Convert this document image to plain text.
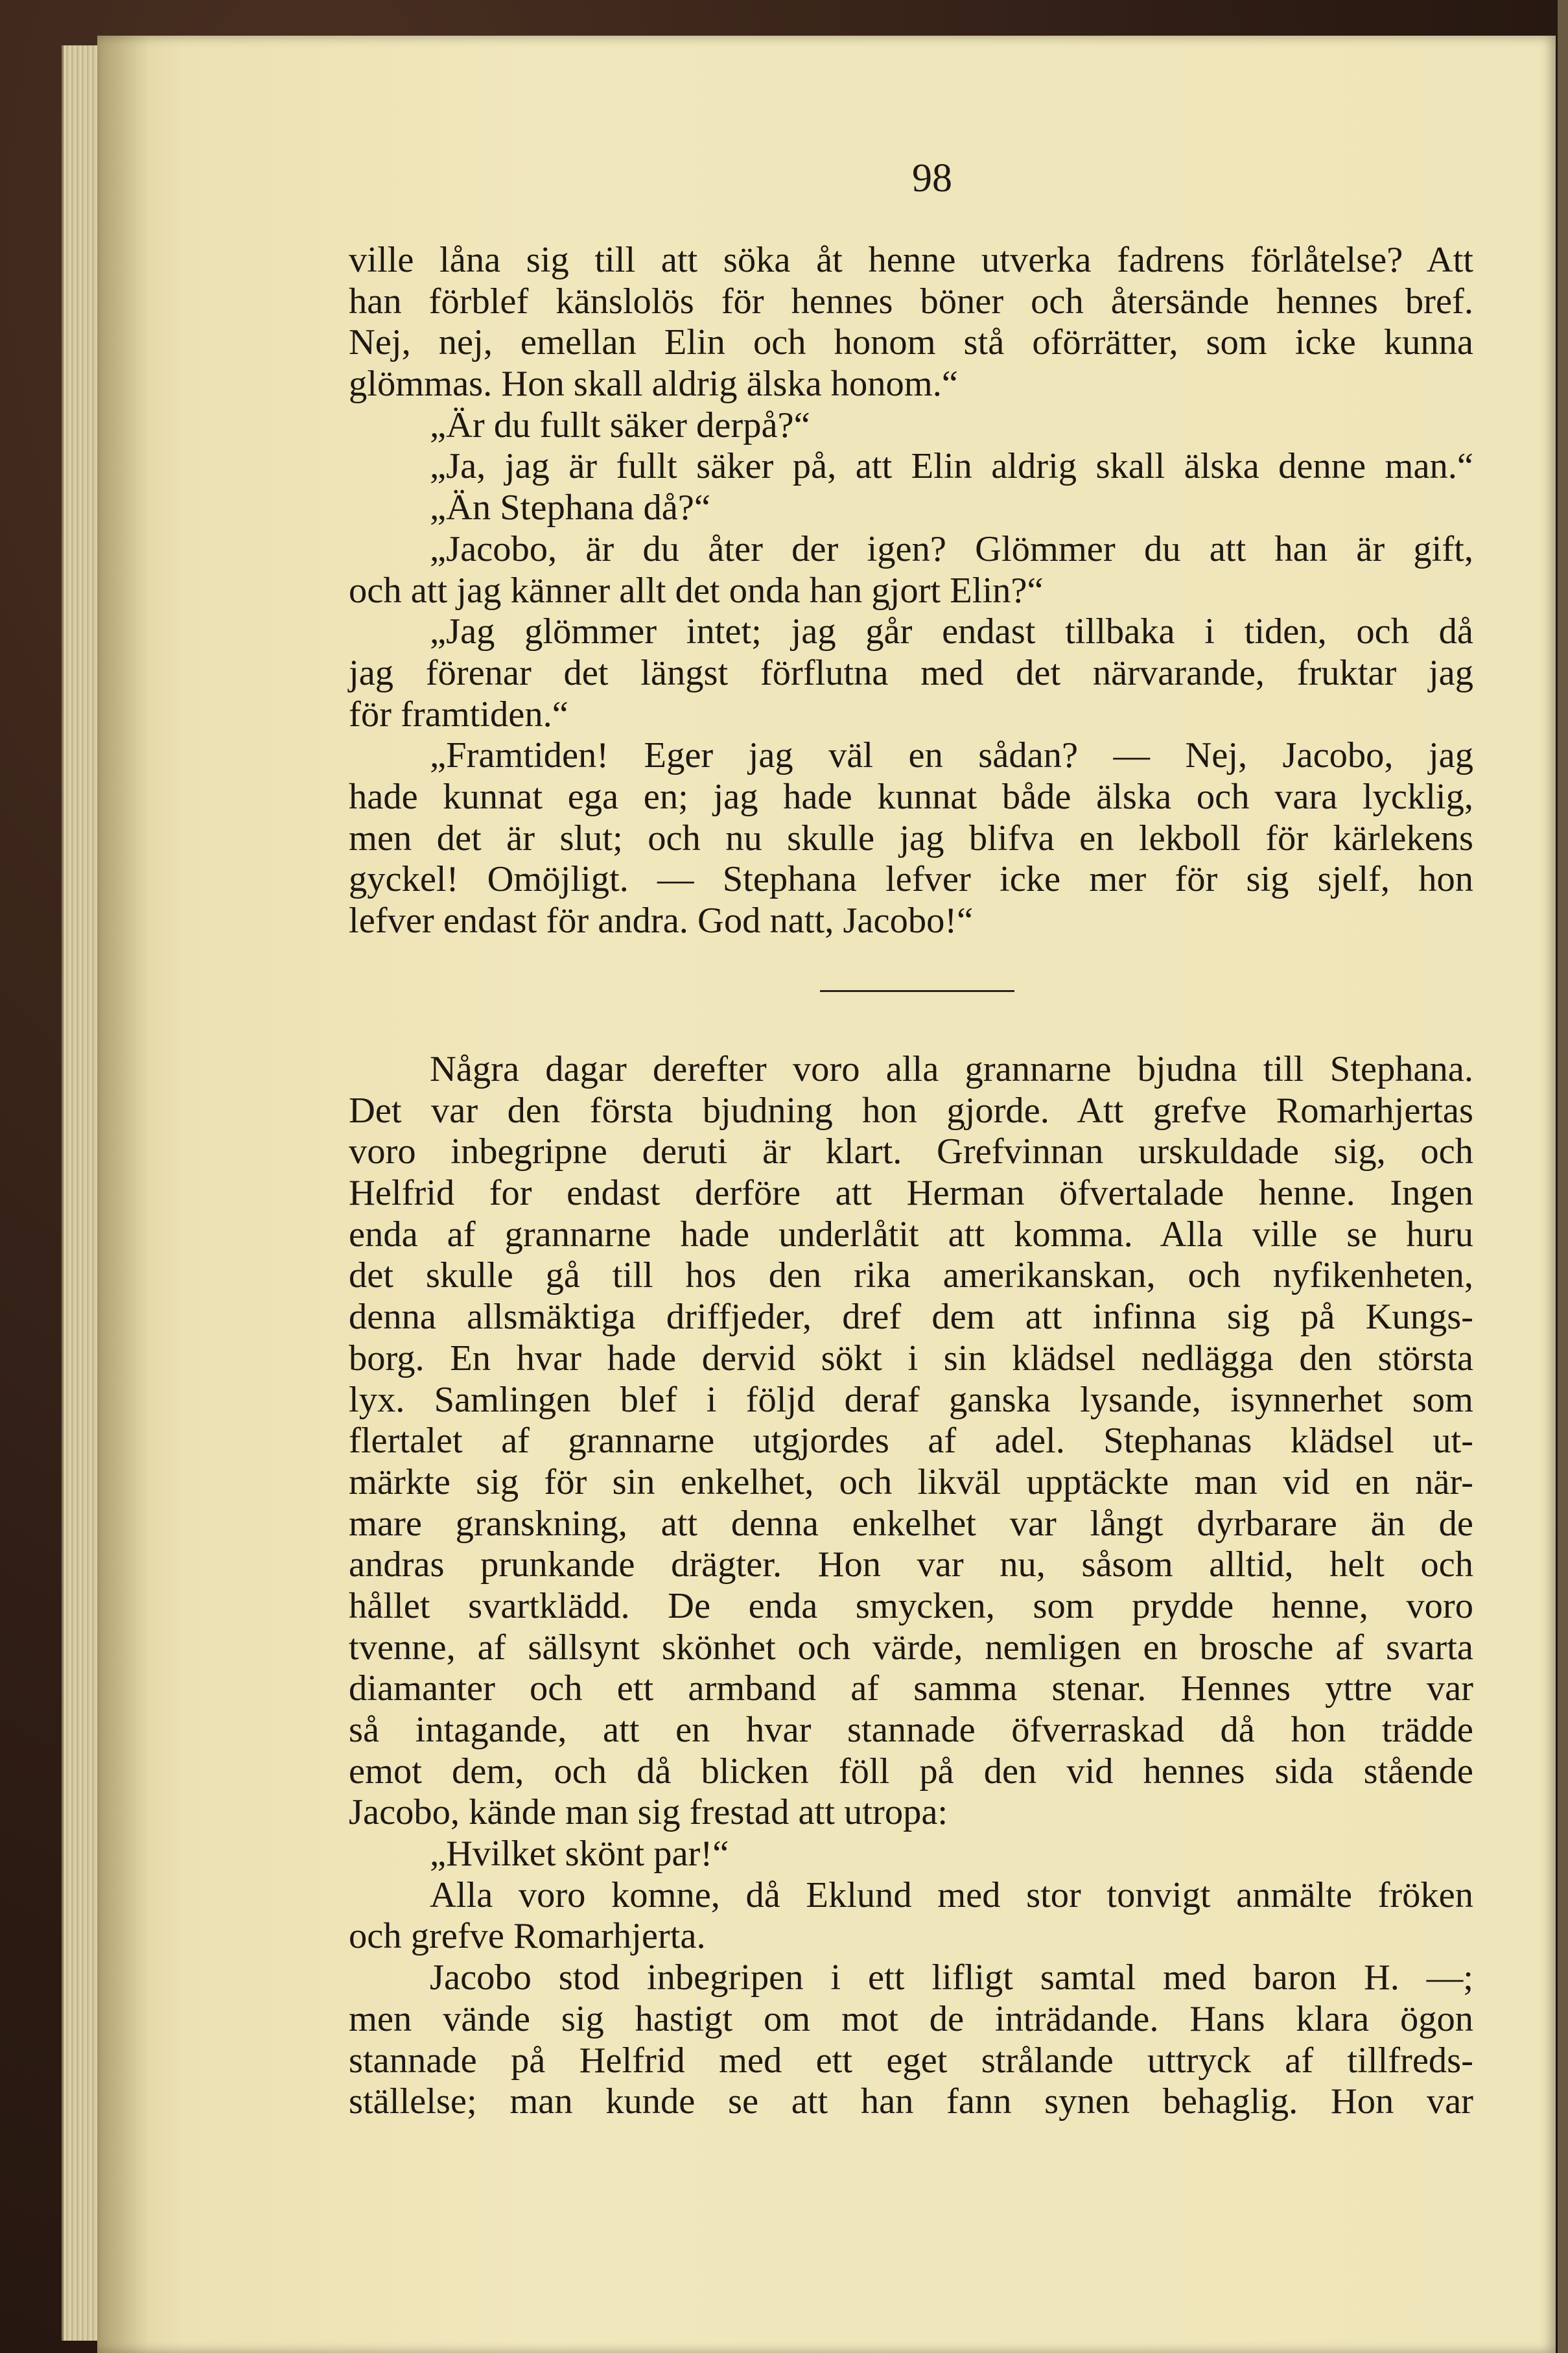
98
ville låna sig till att söka åt henne utverka fadrens förlåtelse? Att
han förblef känslolös för hennes böner och återsände hennes bref.
Nej, nej, emellan Elin och honom stå oförrätter, som icke kunna
glömmas. Hon skall aldrig älska honom.“
„Är du fullt säker derpå?“
„Ja, jag är fullt säker på, att Elin aldrig skall älska denne man.“
„Än Stephana då?“
„Jacobo, är du åter der igen? Glömmer du att han är gift,
och att jag känner allt det onda han gjort Elin?“
„Jag glömmer intet; jag går endast tillbaka i tiden, och då
jag förenar det längst förflutna med det närvarande, fruktar jag
för framtiden.“
„Framtiden! Eger jag väl en sådan? — Nej, Jacobo, jag
hade kunnat ega en; jag hade kunnat både älska och vara lycklig,
men det är slut; och nu skulle jag blifva en lekboll för kärlekens
gyckel! Omöjligt. — Stephana lefver icke mer för sig sjelf, hon
lefver endast för andra. God natt, Jacobo!“
Några dagar derefter voro alla grannarne bjudna till Stephana.
Det var den första bjudning hon gjorde. Att grefve Romarhjertas
voro inbegripne deruti är klart. Grefvinnan urskuldade sig, och
Helfrid for endast derföre att Herman öfvertalade henne. Ingen
enda af grannarne hade underlåtit att komma. Alla ville se huru
det skulle gå till hos den rika amerikanskan, och nyfikenheten,
denna allsmäktiga driffjeder, dref dem att infinna sig på Kungs-
borg. En hvar hade dervid sökt i sin klädsel nedlägga den största
lyx. Samlingen blef i följd deraf ganska lysande, isynnerhet som
flertalet af grannarne utgjordes af adel. Stephanas klädsel ut-
märkte sig för sin enkelhet, och likväl upptäckte man vid en när-
mare granskning, att denna enkelhet var långt dyrbarare än de
andras prunkande drägter. Hon var nu, såsom alltid, helt och
hållet svartklädd. De enda smycken, som prydde henne, voro
tvenne, af sällsynt skönhet och värde, nemligen en brosche af svarta
diamanter och ett armband af samma stenar. Hennes yttre var
så intagande, att en hvar stannade öfverraskad då hon trädde
emot dem, och då blicken föll på den vid hennes sida stående
Jacobo, kände man sig frestad att utropa:
„Hvilket skönt par!“
Alla voro komne, då Eklund med stor tonvigt anmälte fröken
och grefve Romarhjerta.
Jacobo stod inbegripen i ett lifligt samtal med baron H. —;
men vände sig hastigt om mot de inträdande. Hans klara ögon
stannade på Helfrid med ett eget strålande uttryck af tillfreds-
ställelse; man kunde se att han fann synen behaglig. Hon var
